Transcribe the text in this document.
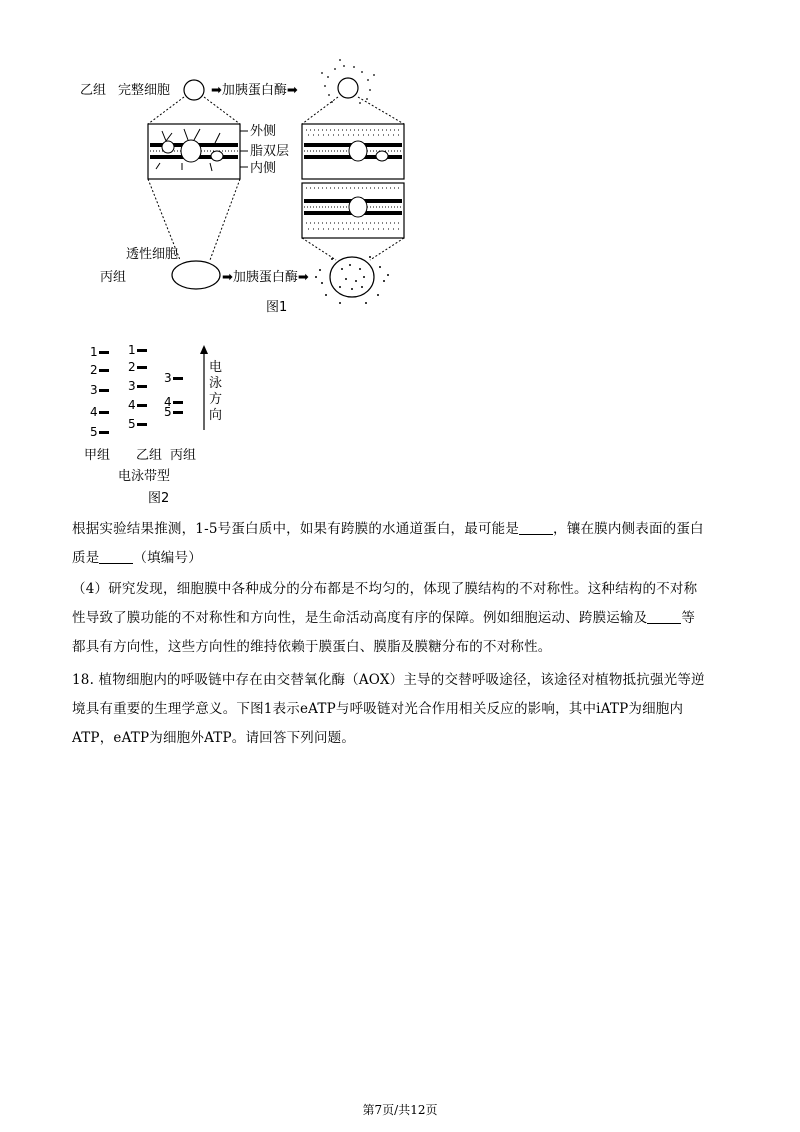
乙组 完整细胞	➡加胰蛋白酶➡
外侧
脂双层
内侧
透性细胞
丙组	➡加胰蛋白酶➡
图1
1
2
3
4
5
1
2
3
4
5
3
4
5
电
泳
方
向
甲组 乙组 丙组
电泳带型
图2
根据实验结果推测，1-5号蛋白质中，如果有跨膜的水通道蛋白，最可能是	，镶在膜内侧表面的蛋白
质是	（填编号）
（4）研究发现，细胞膜中各种成分的分布都是不均匀的，体现了膜结构的不对称性。这种结构的不对称
性导致了膜功能的不对称性和方向性，是生命活动高度有序的保障。例如细胞运动、跨膜运输及	等
都具有方向性，这些方向性的维持依赖于膜蛋白、膜脂及膜糖分布的不对称性。
18. 植物细胞内的呼吸链中存在由交替氧化酶（AOX）主导的交替呼吸途径，该途径对植物抵抗强光等逆
境具有重要的生理学意义。下图1表示eATP与呼吸链对光合作用相关反应的影响，其中iATP为细胞内
ATP，eATP为细胞外ATP。请回答下列问题。
第7页/共12页
